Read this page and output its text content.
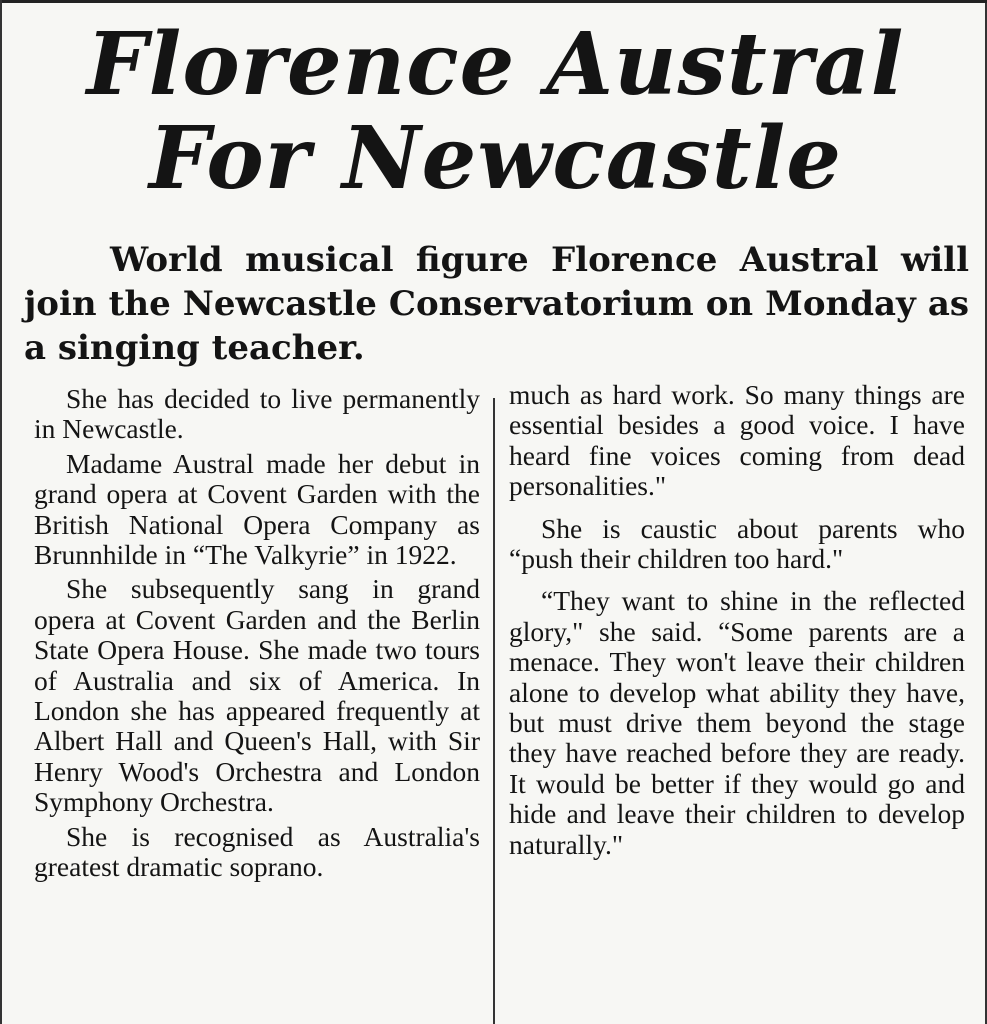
Florence Austral
For Newcastle

World musical figure Florence Austral will join the Newcastle Conservatorium on Monday as a singing teacher.

She has decided to live permanently in Newcastle.

Madame Austral made her debut in grand opera at Covent Garden with the British National Opera Company as Brunnhilde in “The Valkyrie” in 1922.

She subsequently sang in grand opera at Covent Garden and the Berlin State Opera House. She made two tours of Australia and six of America. In London she has appeared frequently at Albert Hall and Queen's Hall, with Sir Henry Wood's Orchestra and London Symphony Orchestra.

She is recognised as Australia's greatest dramatic soprano.

much as hard work. So many things are essential besides a good voice. I have heard fine voices coming from dead personalities."

She is caustic about parents who “push their children too hard."

“They want to shine in the reflected glory," she said. “Some parents are a menace. They won't leave their children alone to develop what ability they have, but must drive them beyond the stage they have reached before they are ready. It would be better if they would go and hide and leave their children to develop naturally."
